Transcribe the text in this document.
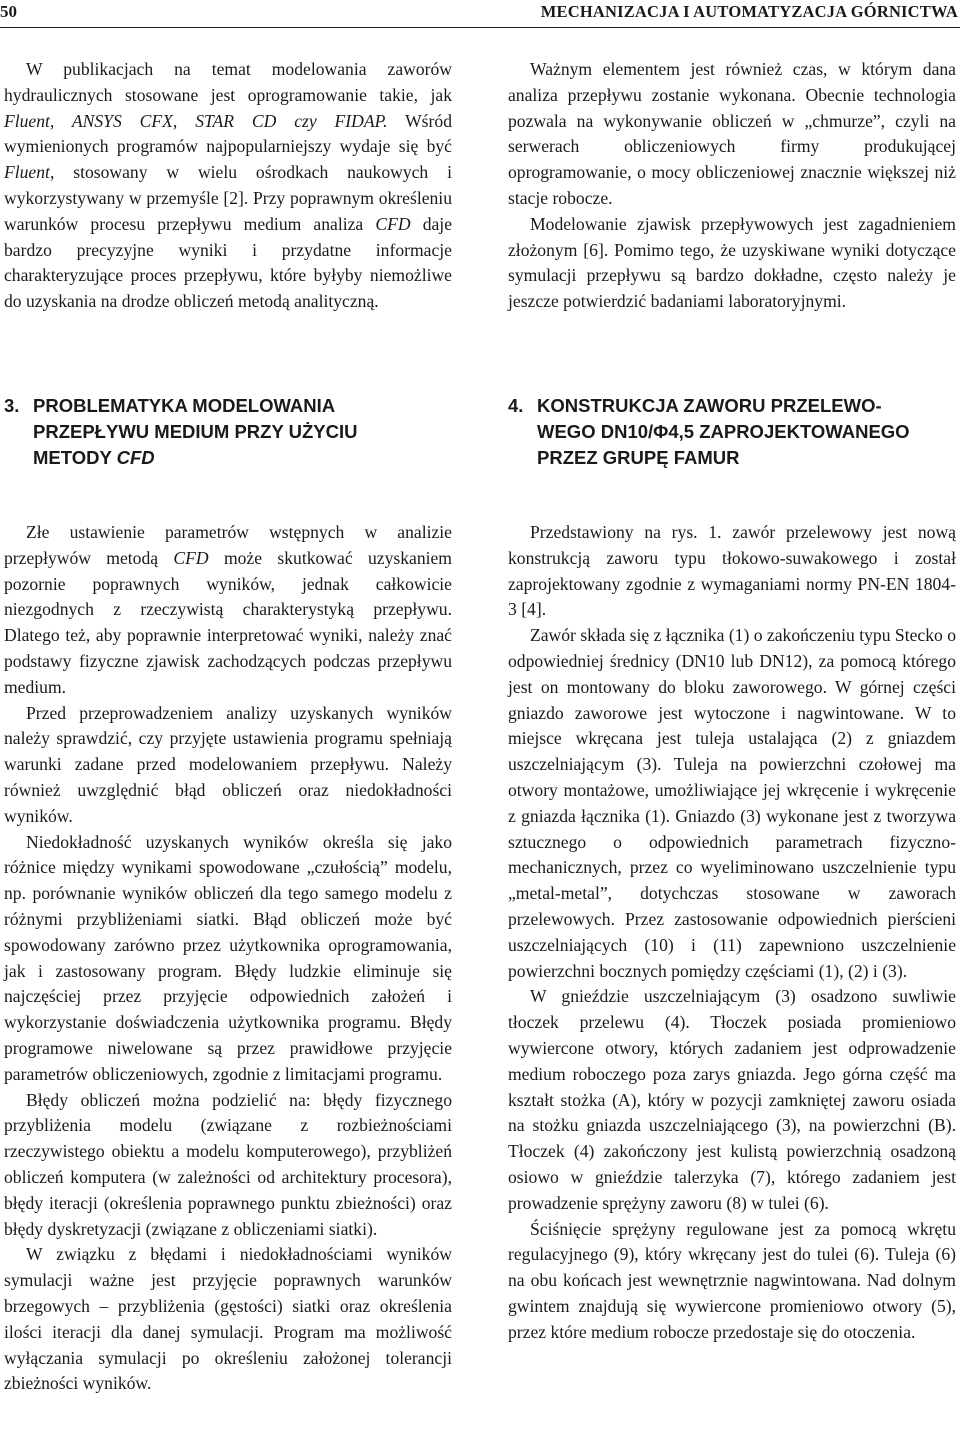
50	MECHANIZACJA I AUTOMATYZACJA GÓRNICTWA

W publikacjach na temat modelowania zaworów hydraulicznych stosowane jest oprogramowanie takie, jak Fluent, ANSYS CFX, STAR CD czy FIDAP. Wśród wymienionych programów najpopularniejszy wydaje się być Fluent, stosowany w wielu ośrodkach naukowych i wykorzystywany w przemyśle [2]. Przy poprawnym określeniu warunków procesu przepływu medium analiza CFD daje bardzo precyzyjne wyniki i przydatne informacje charakteryzujące proces przepływu, które byłyby niemożliwe do uzyskania na drodze obliczeń metodą analityczną.

Ważnym elementem jest również czas, w którym dana analiza przepływu zostanie wykonana. Obecnie technologia pozwala na wykonywanie obliczeń w „chmurze”, czyli na serwerach obliczeniowych firmy produkującej oprogramowanie, o mocy obliczeniowej znacznie większej niż stacje robocze.

Modelowanie zjawisk przepływowych jest zagadnieniem złożonym [6]. Pomimo tego, że uzyskiwane wyniki dotyczące symulacji przepływu są bardzo dokładne, często należy je jeszcze potwierdzić badaniami laboratoryjnymi.

3. PROBLEMATYKA MODELOWANIA
PRZEPŁYWU MEDIUM PRZY UŻYCIU
METODY CFD
4. KONSTRUKCJA ZAWORU PRZELEWO-
WEGO DN10/Φ4,5 ZAPROJEKTOWANEGO
PRZEZ GRUPĘ FAMUR

Złe ustawienie parametrów wstępnych w analizie przepływów metodą CFD może skutkować uzyskaniem pozornie poprawnych wyników, jednak całkowicie niezgodnych z rzeczywistą charakterystyką przepływu. Dlatego też, aby poprawnie interpretować wyniki, należy znać podstawy fizyczne zjawisk zachodzących podczas przepływu medium.

Przed przeprowadzeniem analizy uzyskanych wyników należy sprawdzić, czy przyjęte ustawienia programu spełniają warunki zadane przed modelowaniem przepływu. Należy również uwzględnić błąd obliczeń oraz niedokładności wyników.

Niedokładność uzyskanych wyników określa się jako różnice między wynikami spowodowane „czułością” modelu, np. porównanie wyników obliczeń dla tego samego modelu z różnymi przybliżeniami siatki. Błąd obliczeń może być spowodowany zarówno przez użytkownika oprogramowania, jak i zastosowany program. Błędy ludzkie eliminuje się najczęściej przez przyjęcie odpowiednich założeń i wykorzystanie doświadczenia użytkownika programu. Błędy programowe niwelowane są przez prawidłowe przyjęcie parametrów obliczeniowych, zgodnie z limitacjami programu.

Błędy obliczeń można podzielić na: błędy fizycznego przybliżenia modelu (związane z rozbieżnościami rzeczywistego obiektu a modelu komputerowego), przybliżeń obliczeń komputera (w zależności od architektury procesora), błędy iteracji (określenia poprawnego punktu zbieżności) oraz błędy dyskretyzacji (związane z obliczeniami siatki).

W związku z błędami i niedokładnościami wyników symulacji ważne jest przyjęcie poprawnych warunków brzegowych – przybliżenia (gęstości) siatki oraz określenia ilości iteracji dla danej symulacji. Program ma możliwość wyłączania symulacji po określeniu założonej tolerancji zbieżności wyników.

Przedstawiony na rys. 1. zawór przelewowy jest nową konstrukcją zaworu typu tłokowo-suwakowego i został zaprojektowany zgodnie z wymaganiami normy PN-EN 1804-3 [4].

Zawór składa się z łącznika (1) o zakończeniu typu Stecko o odpowiedniej średnicy (DN10 lub DN12), za pomocą którego jest on montowany do bloku zaworowego. W górnej części gniazdo zaworowe jest wytoczone i nagwintowane. W to miejsce wkręcana jest tuleja ustalająca (2) z gniazdem uszczelniającym (3). Tuleja na powierzchni czołowej ma otwory montażowe, umożliwiające jej wkręcenie i wykręcenie z gniazda łącznika (1). Gniazdo (3) wykonane jest z tworzywa sztucznego o odpowiednich parametrach fizyczno-mechanicznych, przez co wyeliminowano uszczelnienie typu „metal-metal”, dotychczas stosowane w zaworach przelewowych. Przez zastosowanie odpowiednich pierścieni uszczelniających (10) i (11) zapewniono uszczelnienie powierzchni bocznych pomiędzy częściami (1), (2) i (3).

W gnieździe uszczelniającym (3) osadzono suwliwie tłoczek przelewu (4). Tłoczek posiada promieniowo wywiercone otwory, których zadaniem jest odprowadzenie medium roboczego poza zarys gniazda. Jego górna część ma kształt stożka (A), który w pozycji zamkniętej zaworu osiada na stożku gniazda uszczelniającego (3), na powierzchni (B). Tłoczek (4) zakończony jest kulistą powierzchnią osadzoną osiowo w gnieździe talerzyka (7), którego zadaniem jest prowadzenie sprężyny zaworu (8) w tulei (6).

Ściśnięcie sprężyny regulowane jest za pomocą wkrętu regulacyjnego (9), który wkręcany jest do tulei (6). Tuleja (6) na obu końcach jest wewnętrznie nagwintowana. Nad dolnym gwintem znajdują się wywiercone promieniowo otwory (5), przez które medium robocze przedostaje się do otoczenia.
